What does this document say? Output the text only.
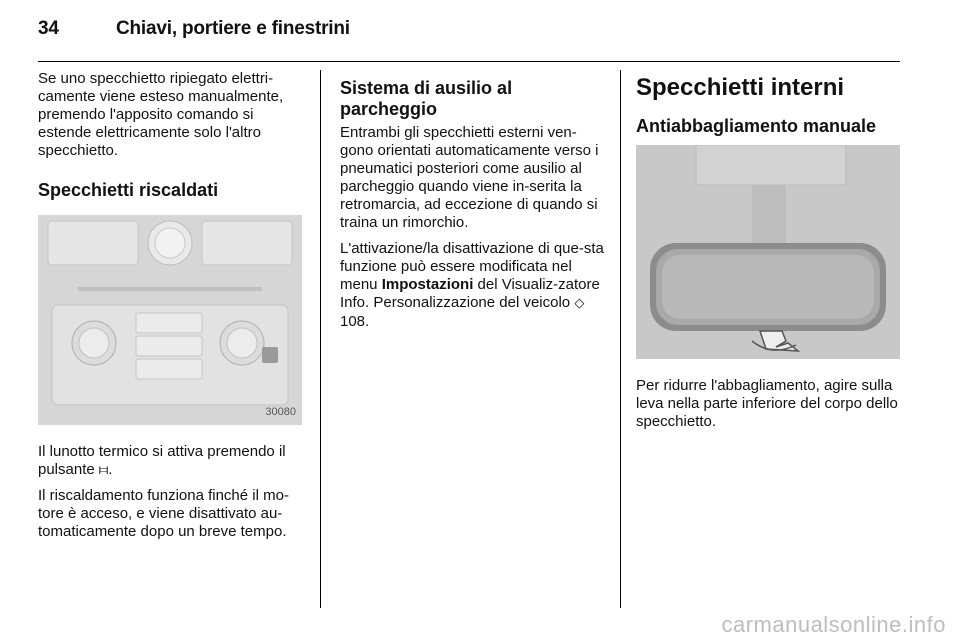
34	Chiavi, portiere e finestrini

Se uno specchietto ripiegato elettri-camente viene esteso manualmente, premendo l'apposito comando si estende elettricamente solo l'altro specchietto.

Specchietti riscaldati
30080

Il lunotto termico si attiva premendo il pulsante ⧦.

Il riscaldamento funziona finché il mo-tore è acceso, e viene disattivato au-tomaticamente dopo un breve tempo.

Sistema di ausilio al parcheggio

Entrambi gli specchietti esterni ven-gono orientati automaticamente verso i pneumatici posteriori come ausilio al parcheggio quando viene in-serita la retromarcia, ad eccezione di quando si traina un rimorchio.

L'attivazione/la disattivazione di que-sta funzione può essere modificata nel menu Impostazioni del Visualiz-zatore Info. Personalizzazione del veicolo ◇ 108.

Specchietti interni
Antiabbagliamento manuale

Per ridurre l'abbagliamento, agire sulla leva nella parte inferiore del corpo dello specchietto.

carmanualsonline.info
